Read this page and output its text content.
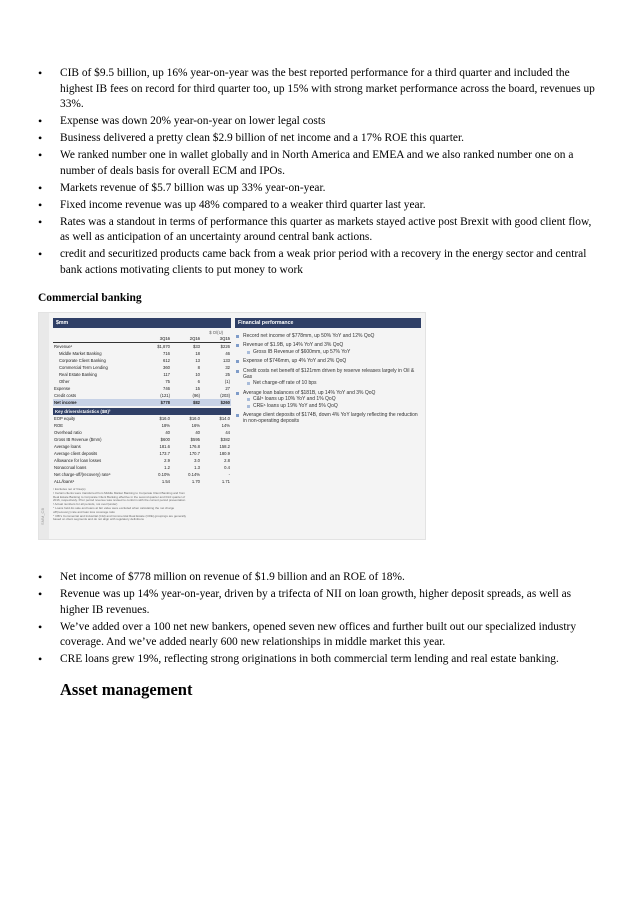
• CIB of $9.5 billion, up 16% year-on-year was the best reported performance for a third quarter and included the highest IB fees on record for third quarter too, up 15% with strong market performance across the board, revenues up 33%.
• Expense was down 20% year-on-year on lower legal costs
• Business delivered a pretty clean $2.9 billion of net income and a 17% ROE this quarter.
• We ranked number one in wallet globally and in North America and EMEA and we also ranked number one on a number of deals basis for overall ECM and IPOs.
• Markets revenue of $5.7 billion was up 33% year-on-year.
• Fixed income revenue was up 48% compared to a weaker third quarter last year.
• Rates was a standout in terms of performance this quarter as markets stayed active post Brexit with good client flow, as well as anticipation of an uncertainty around central bank actions.
• credit and securitized products came back from a weak prior period with a recovery in the energy sector and central bank actions motivating clients to put money to work
Commercial banking
SMM_CB
$mm
$ O/(U)
	3Q16	2Q16	3Q15
Revenue¹	$1,870	$33	$226
Middle Market Banking	716	18	46
Corporate Client Banking	612	13	133
Commercial Term Lending	360	8	32
Real Estate Banking	117	10	25
Other	75	6	(1)
Expense	746	15	27
Credit costs	(121)	(96)	(203)
Net income	$778	$82	$260
Key drivers/statistics ($B)³
EOP equity	$16.0	$16.0	$14.0
ROE	18%	16%	14%
Overhead ratio	40	40	44
Gross IB Revenue ($mm)	$600	$595	$382
Average loans	181.6	176.8	158.2
Average client deposits	173.7	170.7	180.9
Allowance for loan losses	2.9	3.0	2.8
Nonaccrual loans	1.2	1.3	0.4
Net charge-off/(recovery) rate⁵	0.10%	0.14%	-
ALL/loans⁵	1.54	1.70	1.71
¹ Excludes net of Visa(s)
² Certain clients were transferred from Middle Market Banking to Corporate Client Banking and from
Real Estate Banking to Corporate Client Banking effective in the second quarter and third quarter of
2016, respectively. Prior period revenue was revised to conform with the current period presentation
³ Actual numbers for all periods, not over/(under)
⁴ Loans held-for-sale and loans at fair value were excluded when calculating the net charge
off/(recovery) rate and loan loss coverage ratio
⁵ CBI's Commercial and Industrial (C&I) and Commercial Real Estate (CRE) groupings are generally
based on client segments and do not align with regulatory definitions
Financial performance
Record net income of $778mm, up 50% YoY and 12% QoQ
Revenue of $1.9B, up 14% YoY and 3% QoQ
Gross IB Revenue of $600mm, up 57% YoY
Expense of $746mm, up 4% YoY and 2% QoQ
Credit costs net benefit of $121mm driven by reserve releases largely in Oil & Gas
Net charge-off rate of 10 bps
Average loan balances of $181B, up 14% YoY and 3% QoQ
C&I⁵ loans up 10% YoY and 1% QoQ
CRE⁶ loans up 19% YoY and 5% QoQ
Average client deposits of $174B, down 4% YoY largely reflecting the reduction in non-operating deposits
• Net income of $778 million on revenue of $1.9 billion and an ROE of 18%.
• Revenue was up 14% year-on-year, driven by a trifecta of NII on loan growth, higher deposit spreads, as well as higher IB revenues.
• We’ve added over a 100 net new bankers, opened seven new offices and further built out our specialized industry coverage. And we’ve added nearly 600 new relationships in middle market this year.
• CRE loans grew 19%, reflecting strong originations in both commercial term lending and real estate banking.
Asset management
